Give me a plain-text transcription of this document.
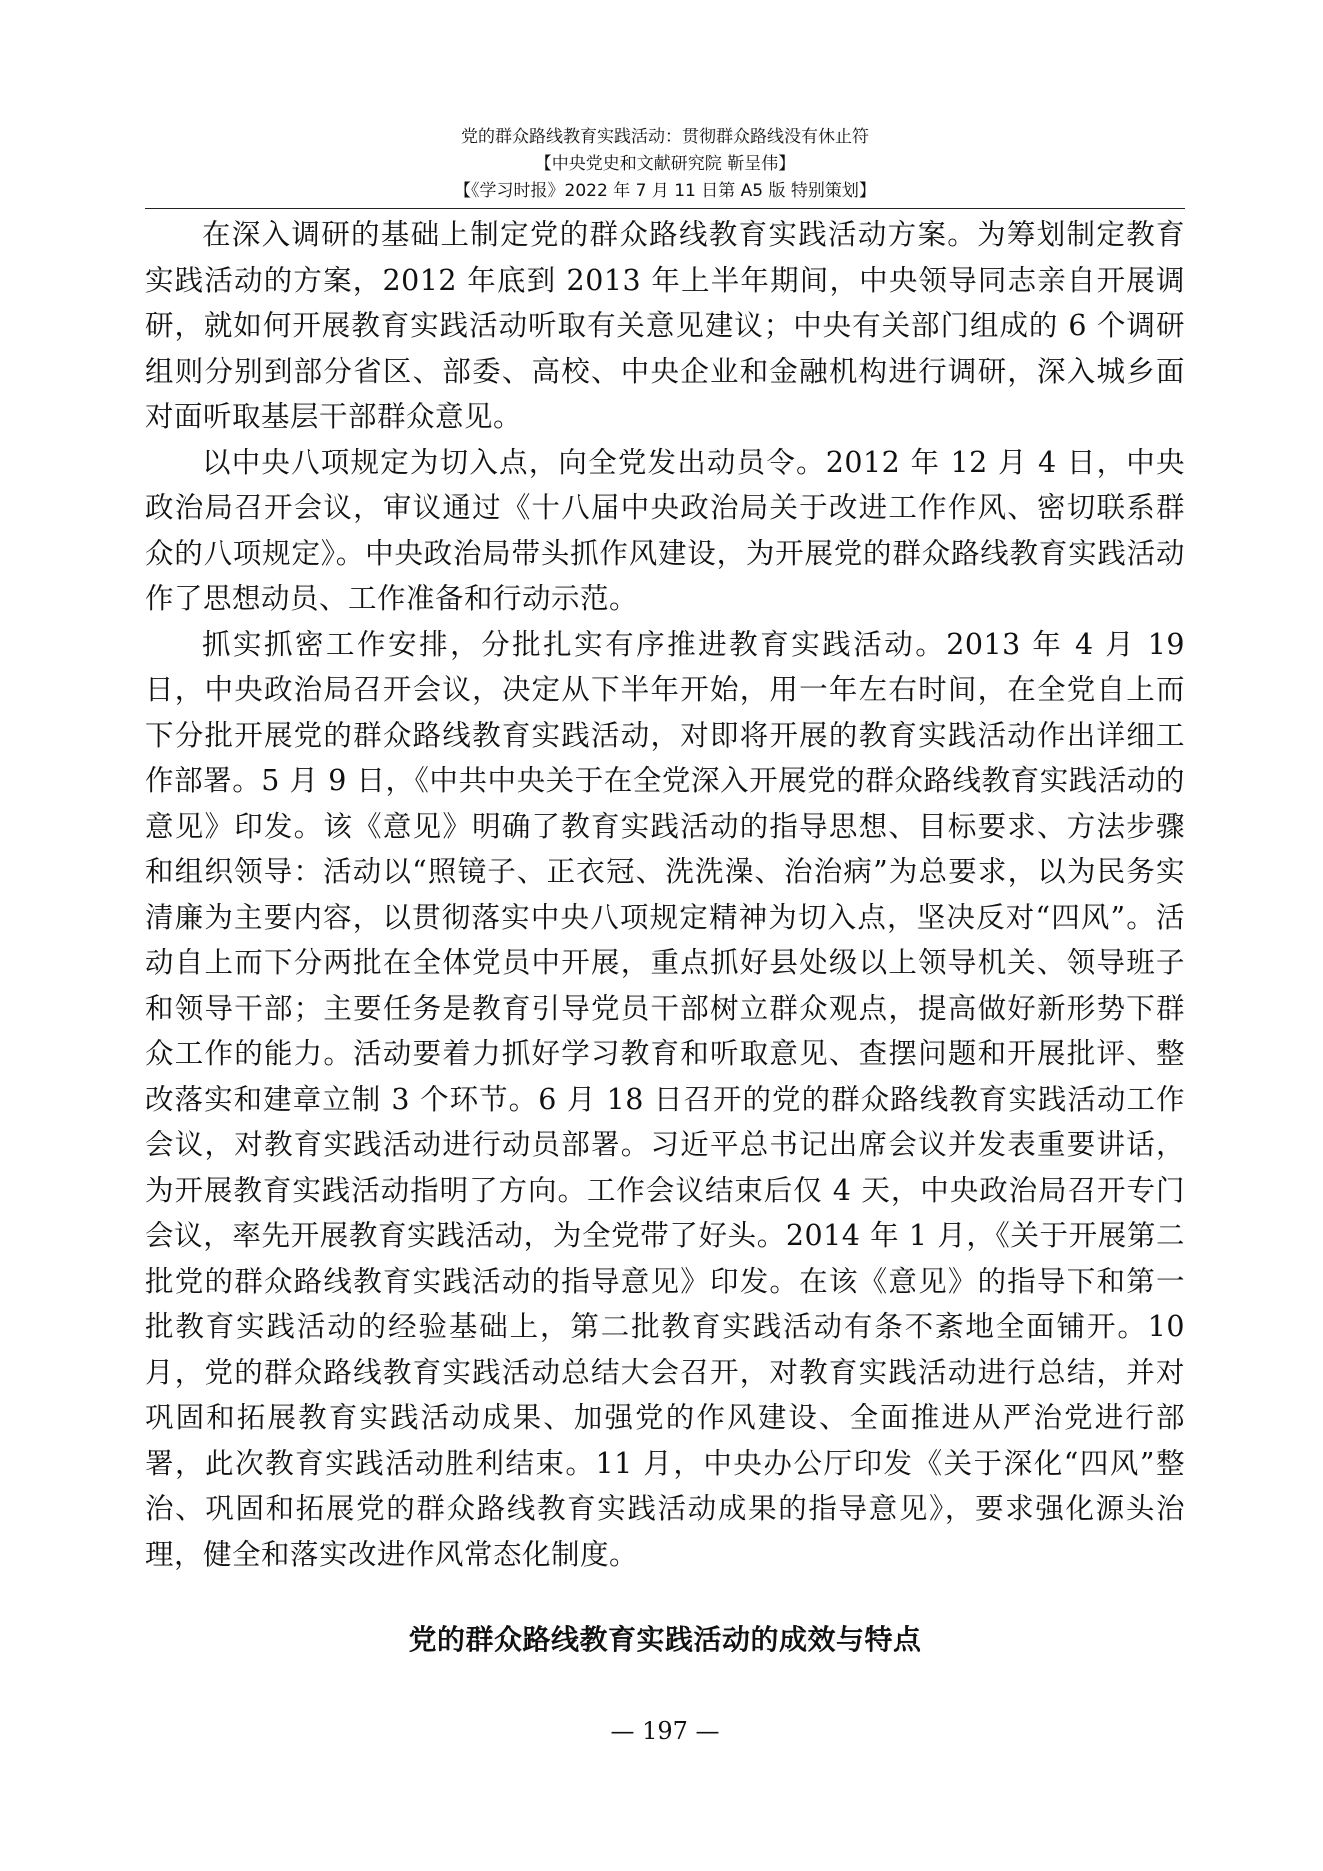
党的群众路线教育实践活动：贯彻群众路线没有休止符
【中央党史和文献研究院 靳呈伟】
【《学习时报》2022 年 7 月 11 日第 A5 版 特别策划】

在深入调研的基础上制定党的群众路线教育实践活动方案。为筹划制定教育实践活动的方案，2012 年底到 2013 年上半年期间，中央领导同志亲自开展调研，就如何开展教育实践活动听取有关意见建议；中央有关部门组成的 6 个调研组则分别到部分省区、部委、高校、中央企业和金融机构进行调研，深入城乡面对面听取基层干部群众意见。

以中央八项规定为切入点，向全党发出动员令。2012 年 12 月 4 日，中央政治局召开会议，审议通过《十八届中央政治局关于改进工作作风、密切联系群众的八项规定》。中央政治局带头抓作风建设，为开展党的群众路线教育实践活动作了思想动员、工作准备和行动示范。

抓实抓密工作安排，分批扎实有序推进教育实践活动。2013 年 4 月 19 日，中央政治局召开会议，决定从下半年开始，用一年左右时间，在全党自上而下分批开展党的群众路线教育实践活动，对即将开展的教育实践活动作出详细工作部署。5 月 9 日，《中共中央关于在全党深入开展党的群众路线教育实践活动的意见》印发。该《意见》明确了教育实践活动的指导思想、目标要求、方法步骤和组织领导：活动以“照镜子、正衣冠、洗洗澡、治治病”为总要求，以为民务实清廉为主要内容，以贯彻落实中央八项规定精神为切入点，坚决反对“四风”。活动自上而下分两批在全体党员中开展，重点抓好县处级以上领导机关、领导班子和领导干部；主要任务是教育引导党员干部树立群众观点，提高做好新形势下群众工作的能力。活动要着力抓好学习教育和听取意见、查摆问题和开展批评、整改落实和建章立制 3 个环节。6 月 18 日召开的党的群众路线教育实践活动工作会议，对教育实践活动进行动员部署。习近平总书记出席会议并发表重要讲话，为开展教育实践活动指明了方向。工作会议结束后仅 4 天，中央政治局召开专门会议，率先开展教育实践活动，为全党带了好头。2014 年 1 月，《关于开展第二批党的群众路线教育实践活动的指导意见》印发。在该《意见》的指导下和第一批教育实践活动的经验基础上，第二批教育实践活动有条不紊地全面铺开。10 月，党的群众路线教育实践活动总结大会召开，对教育实践活动进行总结，并对巩固和拓展教育实践活动成果、加强党的作风建设、全面推进从严治党进行部署，此次教育实践活动胜利结束。11 月，中央办公厅印发《关于深化“四风”整治、巩固和拓展党的群众路线教育实践活动成果的指导意见》，要求强化源头治理，健全和落实改进作风常态化制度。

党的群众路线教育实践活动的成效与特点
— 197 —
